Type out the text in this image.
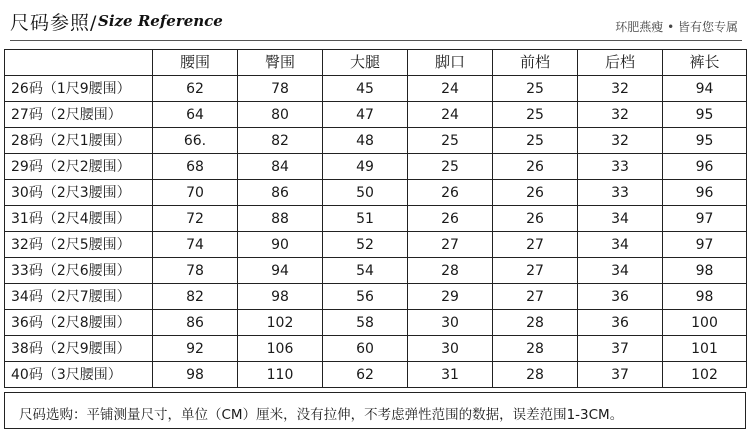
尺码参照/ Size Reference	环肥燕瘦 • 皆有您专属
	腰围	臀围	大腿	脚口	前档	后档	裤长
26码（1尺9腰围）	62	78	45	24	25	32	94
27码（2尺腰围）	64	80	47	24	25	32	95
28码（2尺1腰围）	66.	82	48	25	25	32	95
29码（2尺2腰围）	68	84	49	25	26	33	96
30码（2尺3腰围）	70	86	50	26	26	33	96
31码（2尺4腰围）	72	88	51	26	26	34	97
32码（2尺5腰围）	74	90	52	27	27	34	97
33码（2尺6腰围）	78	94	54	28	27	34	98
34码（2尺7腰围）	82	98	56	29	27	36	98
36码（2尺8腰围）	86	102	58	30	28	36	100
38码（2尺9腰围）	92	106	60	30	28	37	101
40码（3尺腰围）	98	110	62	31	28	37	102
尺码选购：平铺测量尺寸，单位（CM）厘米，没有拉伸，不考虑弹性范围的数据，误差范围1-3CM。
